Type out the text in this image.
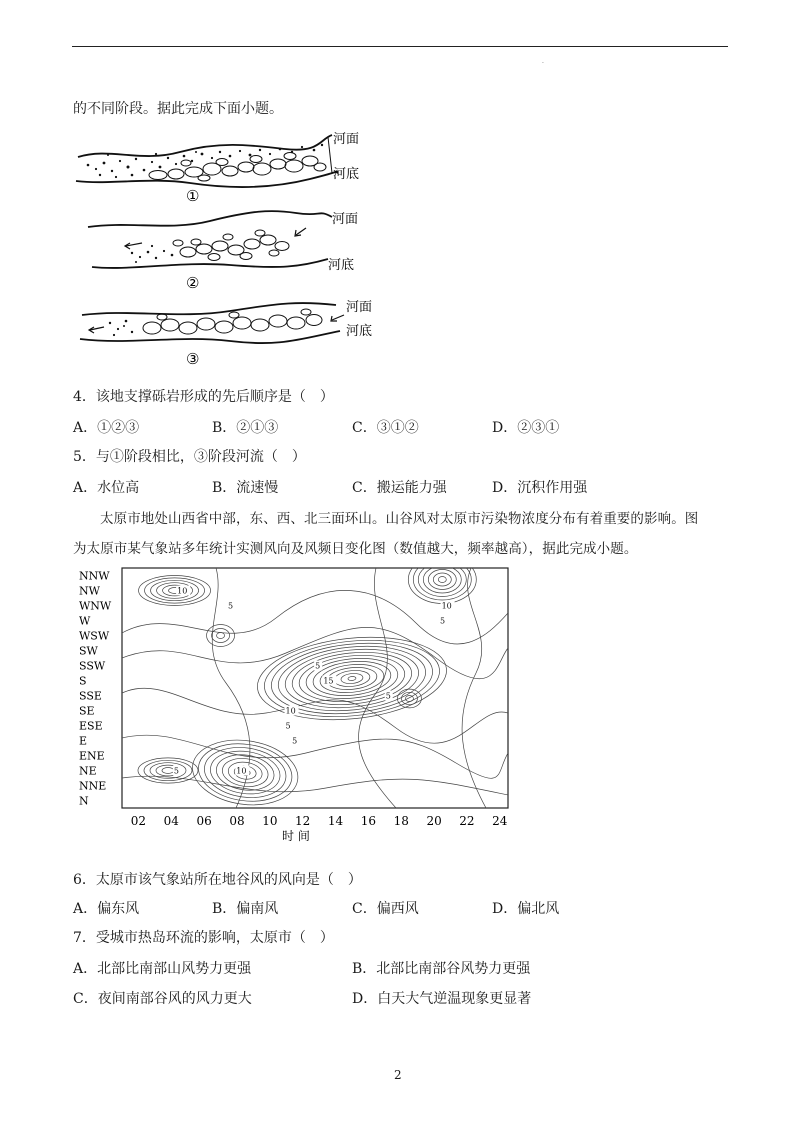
·
的不同阶段。据此完成下面小题。
河面
河底
①
河面
河底
②
河面
河底
③
4．该地支撑砾岩形成的先后顺序是（　）
A．①②③	B．②①③	C．③①②	D．②③①
5．与①阶段相比，③阶段河流（　）
A．水位高	B．流速慢	C．搬运能力强	D．沉积作用强
太原市地处山西省中部，东、西、北三面环山。山谷风对太原市污染物浓度分布有着重要的影响。图
为太原市某气象站多年统计实测风向及风频日变化图（数值越大，频率越高），据此完成小题。
NNW
NW
WNW
W
WSW
SW
SSW
S
SSE
SE
ESE
E
ENE
NE
NNE
N
02 04 06 08 10 12 14 16 18 20 22 24
10
5	10
5
5
15
5
10
5
5
5	10
时 间
6．太原市该气象站所在地谷风的风向是（　）
A．偏东风	B．偏南风	C．偏西风	D．偏北风
7．受城市热岛环流的影响，太原市（　）
A．北部比南部山风势力更强	B．北部比南部谷风势力更强
C．夜间南部谷风的风力更大	D．白天大气逆温现象更显著
2
